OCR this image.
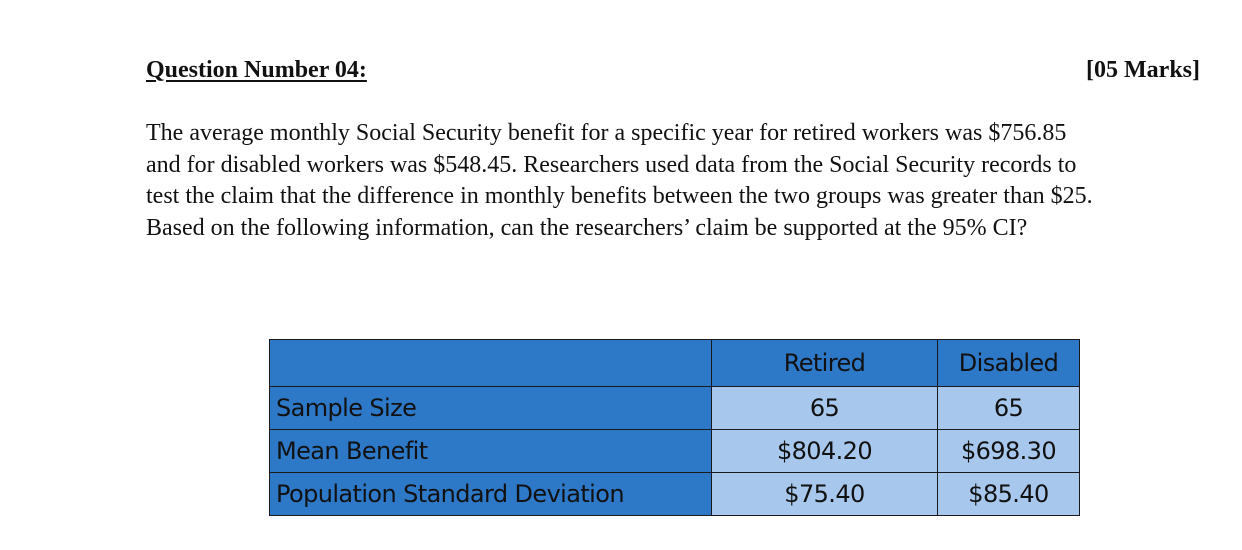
Question Number 04:	[05 Marks]
The average monthly Social Security benefit for a specific year for retired workers was $756.85
and for disabled workers was $548.45. Researchers used data from the Social Security records to
test the claim that the difference in monthly benefits between the two groups was greater than $25.
Based on the following information, can the researchers’ claim be supported at the 95% CI?
	Retired	Disabled
Sample Size	65	65
Mean Benefit	$804.20	$698.30
Population Standard Deviation	$75.40	$85.40
